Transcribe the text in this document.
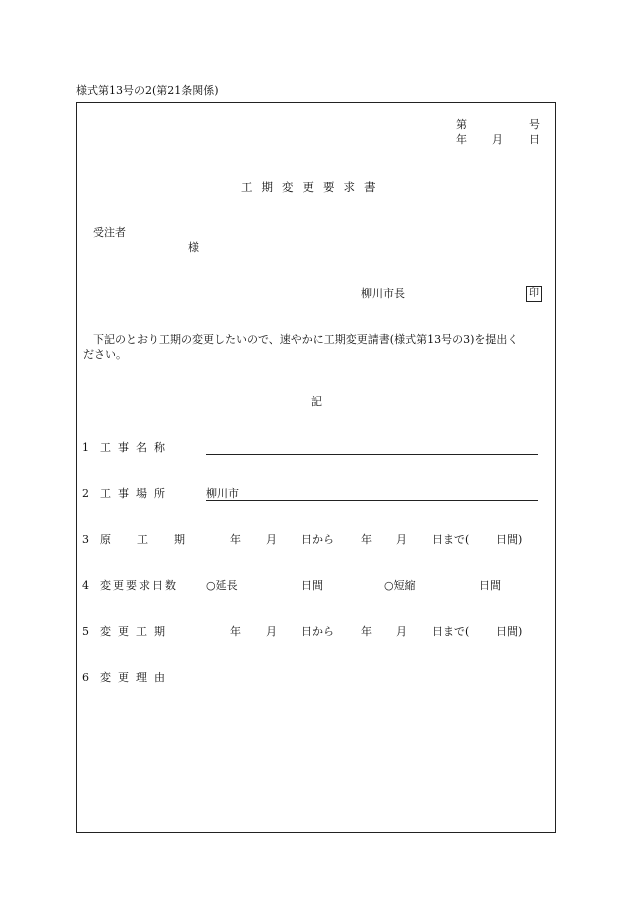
様式第13号の2(第21条関係)
第	号
年 月 日
工期変更要求書
受注者
様
柳川市長	印
下記のとおり工期の変更したいので、速やかに工期変更請書(様式第13号の3)を提出く
ださい。
記
1 工事名称
2 工事場所	柳川市
3 原工期 年 月 日から 年 月 日まで( 日間)
4 変更要求日数	○延長	日間	○短縮	日間
5 変更工期	年 月 日から 年 月 日まで( 日間)
6 変更理由
